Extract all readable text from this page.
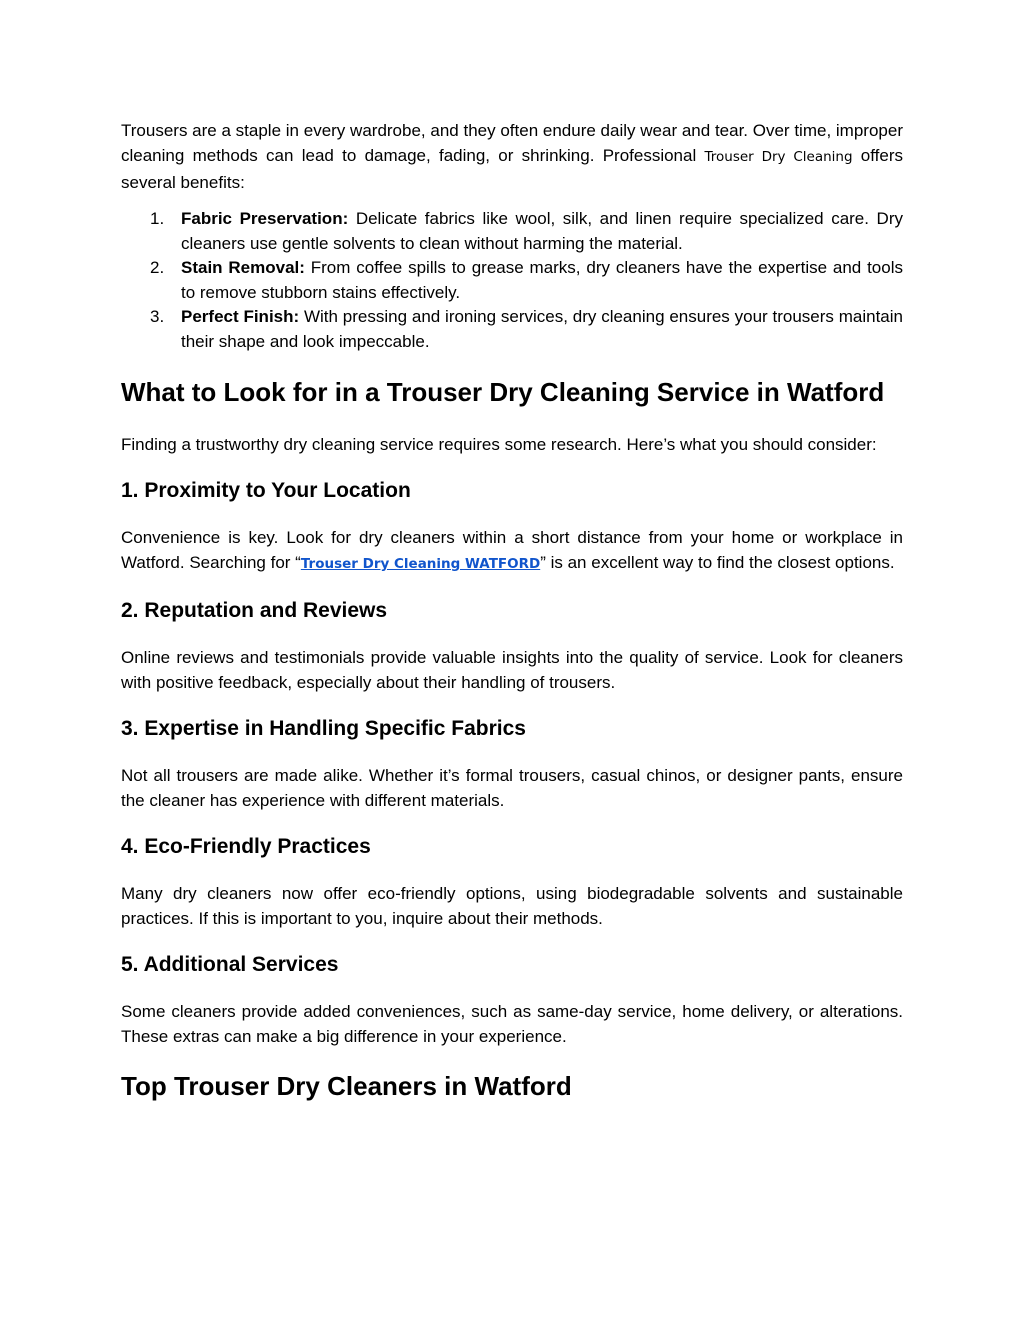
Trousers are a staple in every wardrobe, and they often endure daily wear and tear. Over time, improper cleaning methods can lead to damage, fading, or shrinking. Professional Trouser Dry Cleaning offers several benefits:

1. Fabric Preservation: Delicate fabrics like wool, silk, and linen require specialized care. Dry cleaners use gentle solvents to clean without harming the material.
2. Stain Removal: From coffee spills to grease marks, dry cleaners have the expertise and tools to remove stubborn stains effectively.
3. Perfect Finish: With pressing and ironing services, dry cleaning ensures your trousers maintain their shape and look impeccable.
What to Look for in a Trouser Dry Cleaning Service in Watford

Finding a trustworthy dry cleaning service requires some research. Here’s what you should consider:

1. Proximity to Your Location

Convenience is key. Look for dry cleaners within a short distance from your home or workplace in Watford. Searching for “Trouser Dry Cleaning WATFORD” is an excellent way to find the closest options.

2. Reputation and Reviews

Online reviews and testimonials provide valuable insights into the quality of service. Look for cleaners with positive feedback, especially about their handling of trousers.

3. Expertise in Handling Specific Fabrics

Not all trousers are made alike. Whether it’s formal trousers, casual chinos, or designer pants, ensure the cleaner has experience with different materials.

4. Eco-Friendly Practices

Many dry cleaners now offer eco-friendly options, using biodegradable solvents and sustainable practices. If this is important to you, inquire about their methods.

5. Additional Services

Some cleaners provide added conveniences, such as same-day service, home delivery, or alterations. These extras can make a big difference in your experience.

Top Trouser Dry Cleaners in Watford
